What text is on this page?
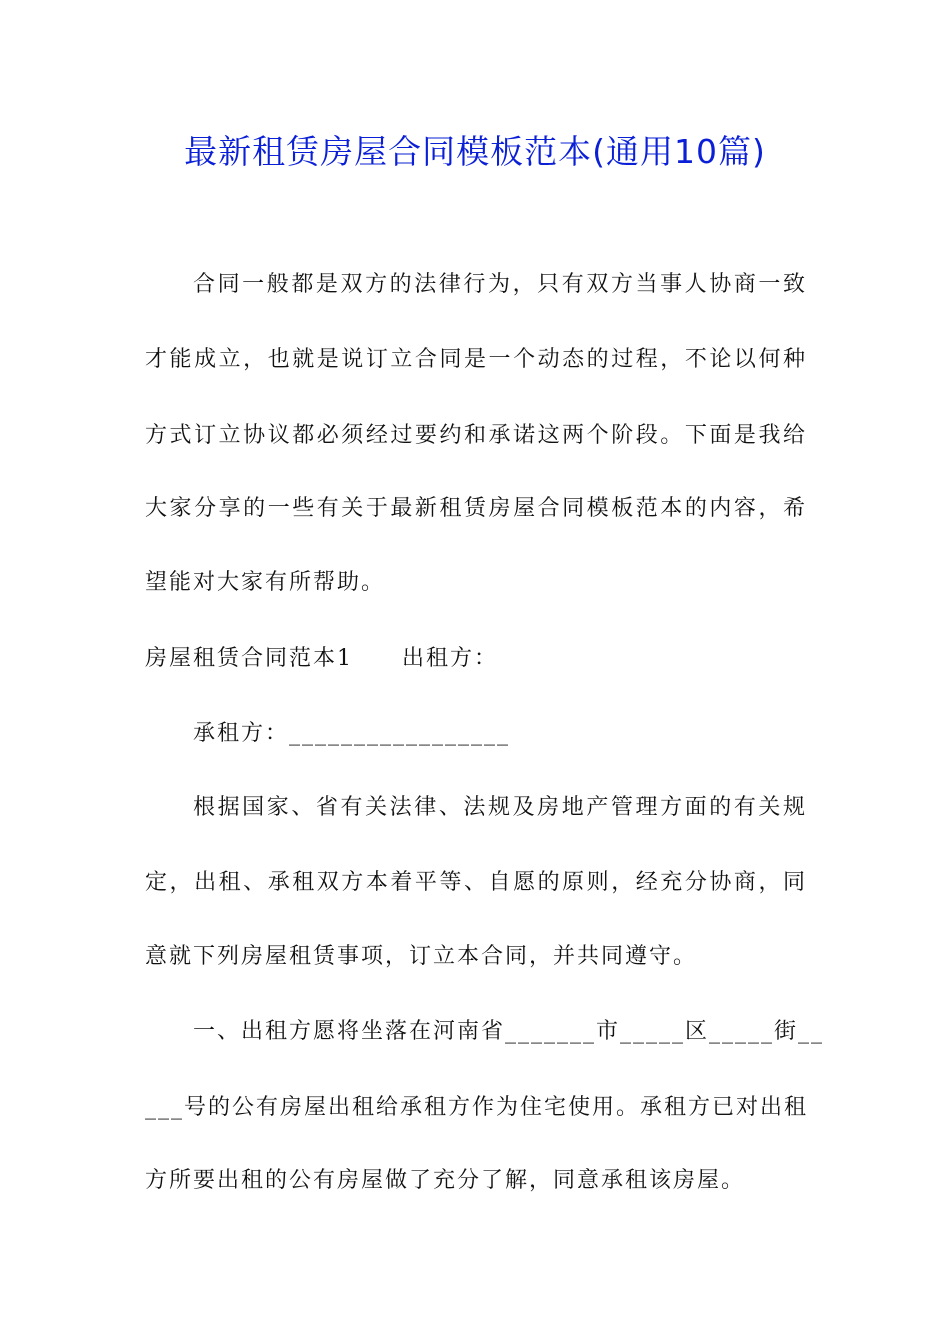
最新租赁房屋合同模板范本(通用10篇)
合同一般都是双方的法律行为，只有双方当事人协商一致
才能成立，也就是说订立合同是一个动态的过程，不论以何种
方式订立协议都必须经过要约和承诺这两个阶段。下面是我给
大家分享的一些有关于最新租赁房屋合同模板范本的内容，希
望能对大家有所帮助。
房屋租赁合同范本1 出租方：
承租方：_________________
根据国家、省有关法律、法规及房地产管理方面的有关规
定，出租、承租双方本着平等、自愿的原则，经充分协商，同
意就下列房屋租赁事项，订立本合同，并共同遵守。
一、出租方愿将坐落在河南省_______市_____区_____街__
___号的公有房屋出租给承租方作为住宅使用。承租方已对出租
方所要出租的公有房屋做了充分了解，同意承租该房屋。
